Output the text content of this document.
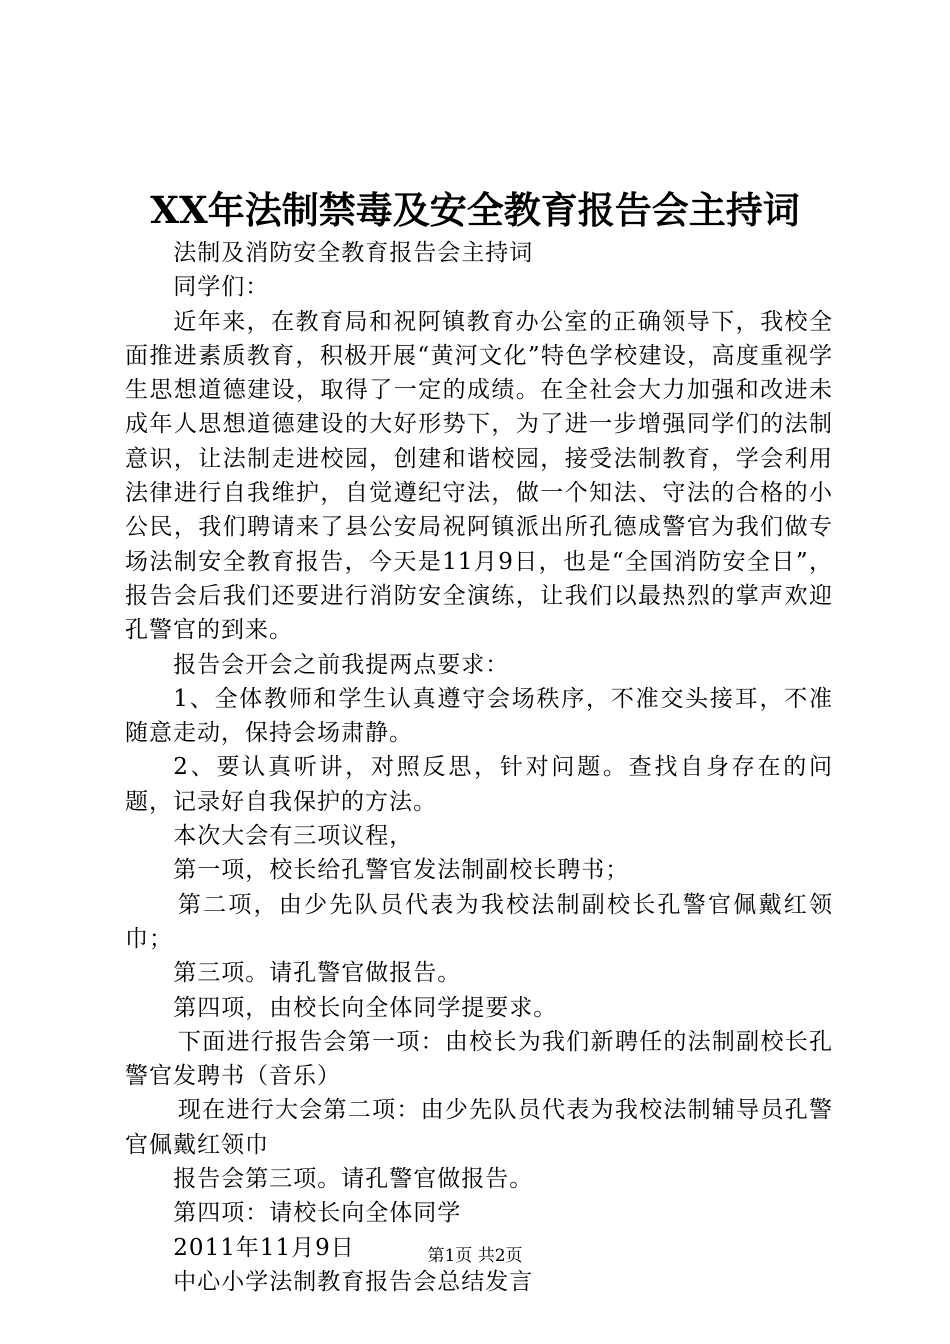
XX年法制禁毒及安全教育报告会主持词

法制及消防安全教育报告会主持词

同学们：

近年来，在教育局和祝阿镇教育办公室的正确领导下，我校全面推进素质教育，积极开展“黄河文化”特色学校建设，高度重视学生思想道德建设，取得了一定的成绩。在全社会大力加强和改进未成年人思想道德建设的大好形势下，为了进一步增强同学们的法制意识，让法制走进校园，创建和谐校园，接受法制教育，学会利用法律进行自我维护，自觉遵纪守法，做一个知法、守法的合格的小公民，我们聘请来了县公安局祝阿镇派出所孔德成警官为我们做专场法制安全教育报告，今天是11月9日，也是“全国消防安全日”，报告会后我们还要进行消防安全演练，让我们以最热烈的掌声欢迎孔警官的到来。

报告会开会之前我提两点要求：

1、全体教师和学生认真遵守会场秩序，不准交头接耳，不准随意走动，保持会场肃静。

2、要认真听讲，对照反思，针对问题。查找自身存在的问题，记录好自我保护的方法。

本次大会有三项议程，

第一项，校长给孔警官发法制副校长聘书；

第二项，由少先队员代表为我校法制副校长孔警官佩戴红领巾；

第三项。请孔警官做报告。

第四项，由校长向全体同学提要求。

下面进行报告会第一项：由校长为我们新聘任的法制副校长孔警官发聘书（音乐）

现在进行大会第二项：由少先队员代表为我校法制辅导员孔警官佩戴红领巾

报告会第三项。请孔警官做报告。

第四项：请校长向全体同学

2011年11月9日

中心小学法制教育报告会总结发言

第1页 共2页
